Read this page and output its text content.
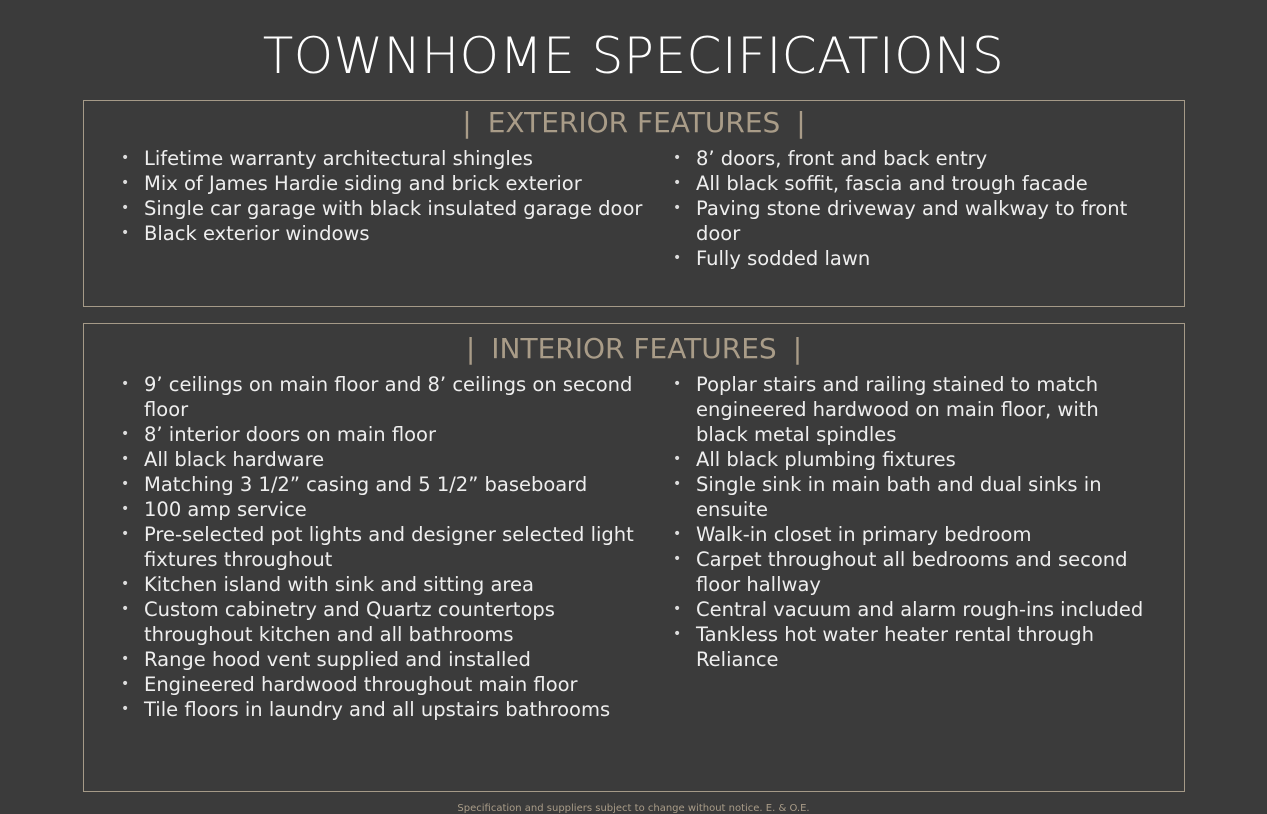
TOWNHOME SPECIFICATIONS
| EXTERIOR FEATURES |
• Lifetime warranty architectural shingles
• Mix of James Hardie siding and brick exterior
• Single car garage with black insulated garage door
• Black exterior windows
• 8’ doors, front and back entry
• All black soffit, fascia and trough facade
• Paving stone driveway and walkway to front door
• Fully sodded lawn
| INTERIOR FEATURES |
• 9’ ceilings on main floor and 8’ ceilings on second floor
• 8’ interior doors on main floor
• All black hardware
• Matching 3 1/2” casing and 5 1/2” baseboard
• 100 amp service
• Pre-selected pot lights and designer selected light fixtures throughout
• Kitchen island with sink and sitting area
• Custom cabinetry and Quartz countertops throughout kitchen and all bathrooms
• Range hood vent supplied and installed
• Engineered hardwood throughout main floor
• Tile floors in laundry and all upstairs bathrooms
• Poplar stairs and railing stained to match engineered hardwood on main floor, with black metal spindles
• All black plumbing fixtures
• Single sink in main bath and dual sinks in ensuite
• Walk-in closet in primary bedroom
• Carpet throughout all bedrooms and second floor hallway
• Central vacuum and alarm rough-ins included
• Tankless hot water heater rental through Reliance
Specification and suppliers subject to change without notice. E. & O.E.
